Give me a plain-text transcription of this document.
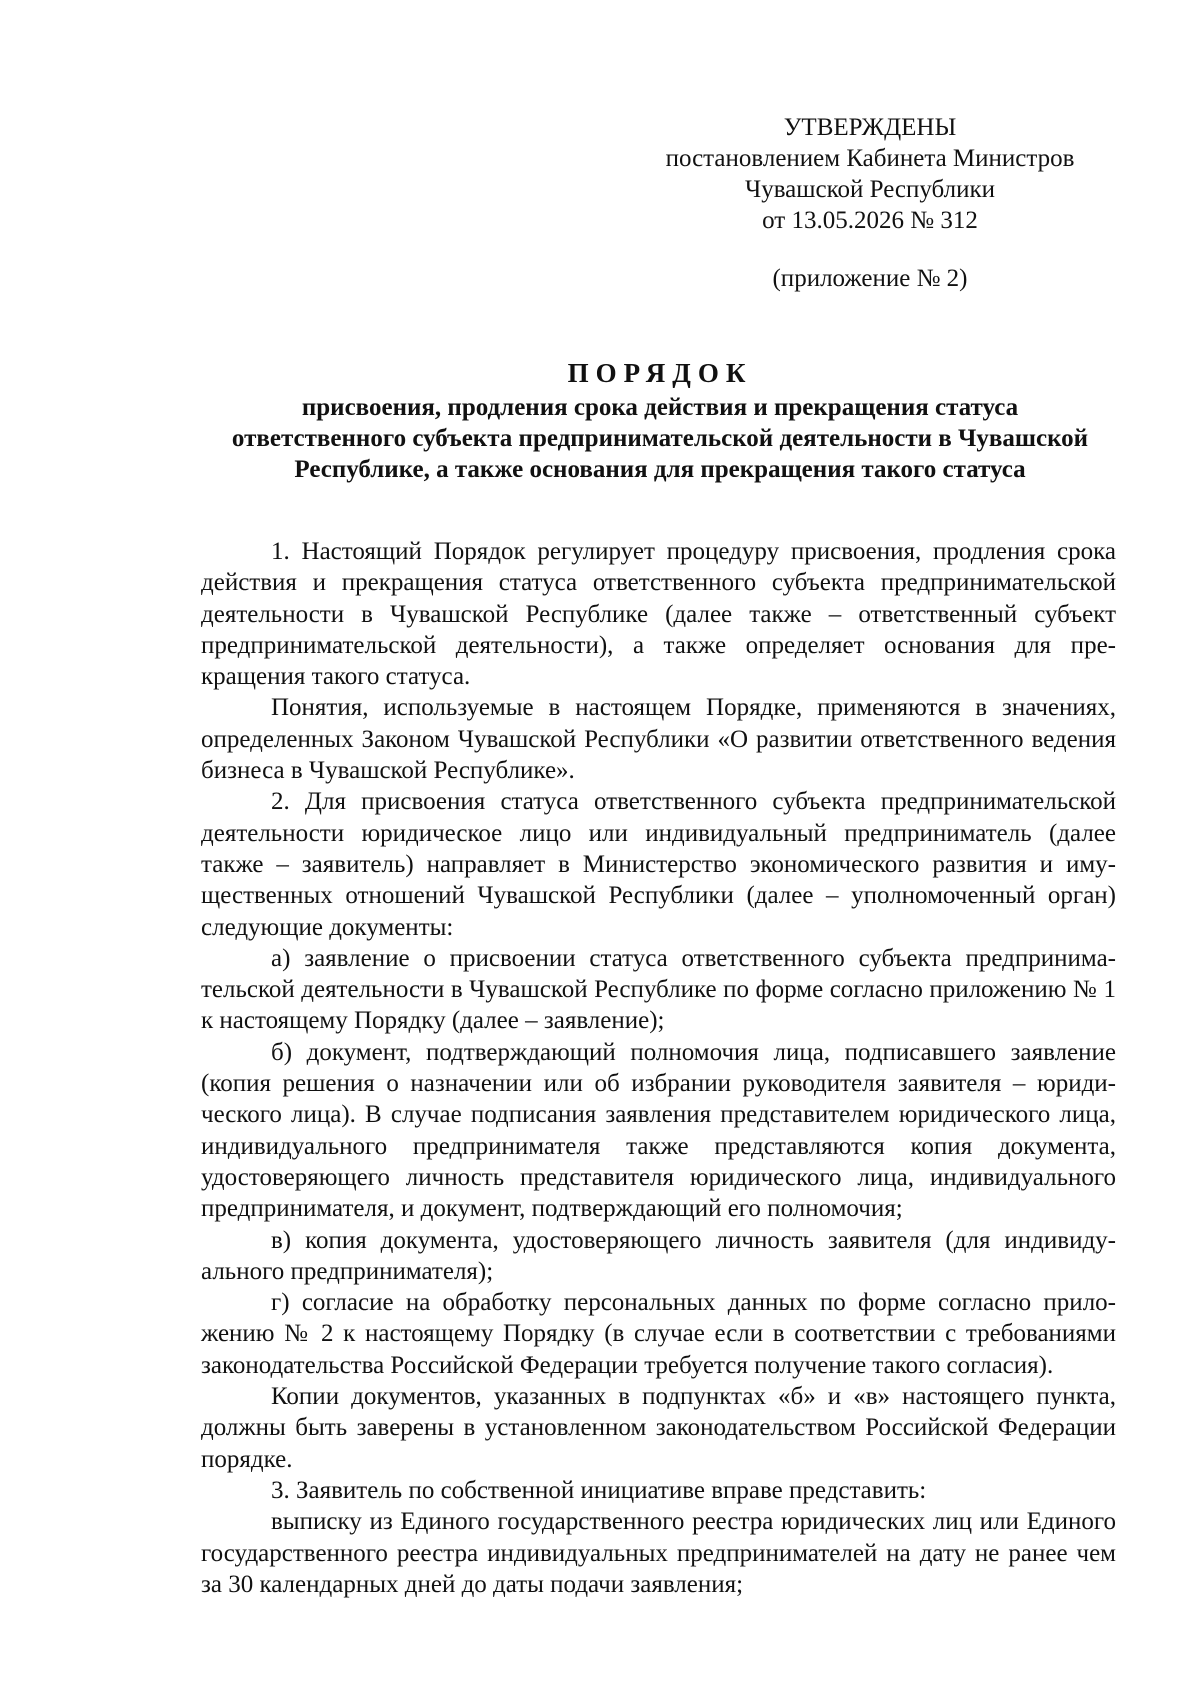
УТВЕРЖДЕНЫ
постановлением Кабинета Министров
Чувашской Республики
от 13.05.2026 № 312
(приложение № 2)
ПОРЯДОК
присвоения, продления срока действия и прекращения статуса
ответственного субъекта предпринимательской деятельности в Чувашской
Республике, а также основания для прекращения такого статуса

1. Настоящий Порядок регулирует процедуру присвоения, продления срока действия и прекращения статуса ответственного субъекта предпринимательской деятельности в Чувашской Республике (далее также – ответственный субъект предпринимательской деятельности), а также определяет основания для прекращения такого статуса.

Понятия, используемые в настоящем Порядке, применяются в значениях, определенных Законом Чувашской Республики «О развитии ответственного ведения бизнеса в Чувашской Республике».

2. Для присвоения статуса ответственного субъекта предпринимательской деятельности юридическое лицо или индивидуальный предприниматель (далее также – заявитель) направляет в Министерство экономического развития и имущественных отношений Чувашской Республики (далее – уполномоченный орган) следующие документы:

а) заявление о присвоении статуса ответственного субъекта предпринимательской деятельности в Чувашской Республике по форме согласно приложению № 1 к настоящему Порядку (далее – заявление);

б) документ, подтверждающий полномочия лица, подписавшего заявление (копия решения о назначении или об избрании руководителя заявителя – юридического лица). В случае подписания заявления представителем юридического лица, индивидуального предпринимателя также представляются копия документа, удостоверяющего личность представителя юридического лица, индивидуального предпринимателя, и документ, подтверждающий его полномочия;

в) копия документа, удостоверяющего личность заявителя (для индивидуального предпринимателя);

г) согласие на обработку персональных данных по форме согласно приложению № 2 к настоящему Порядку (в случае если в соответствии с требованиями законодательства Российской Федерации требуется получение такого согласия).

Копии документов, указанных в подпунктах «б» и «в» настоящего пункта, должны быть заверены в установленном законодательством Российской Федерации порядке.

3. Заявитель по собственной инициативе вправе представить:

выписку из Единого государственного реестра юридических лиц или Единого государственного реестра индивидуальных предпринимателей на дату не ранее чем за 30 календарных дней до даты подачи заявления;
